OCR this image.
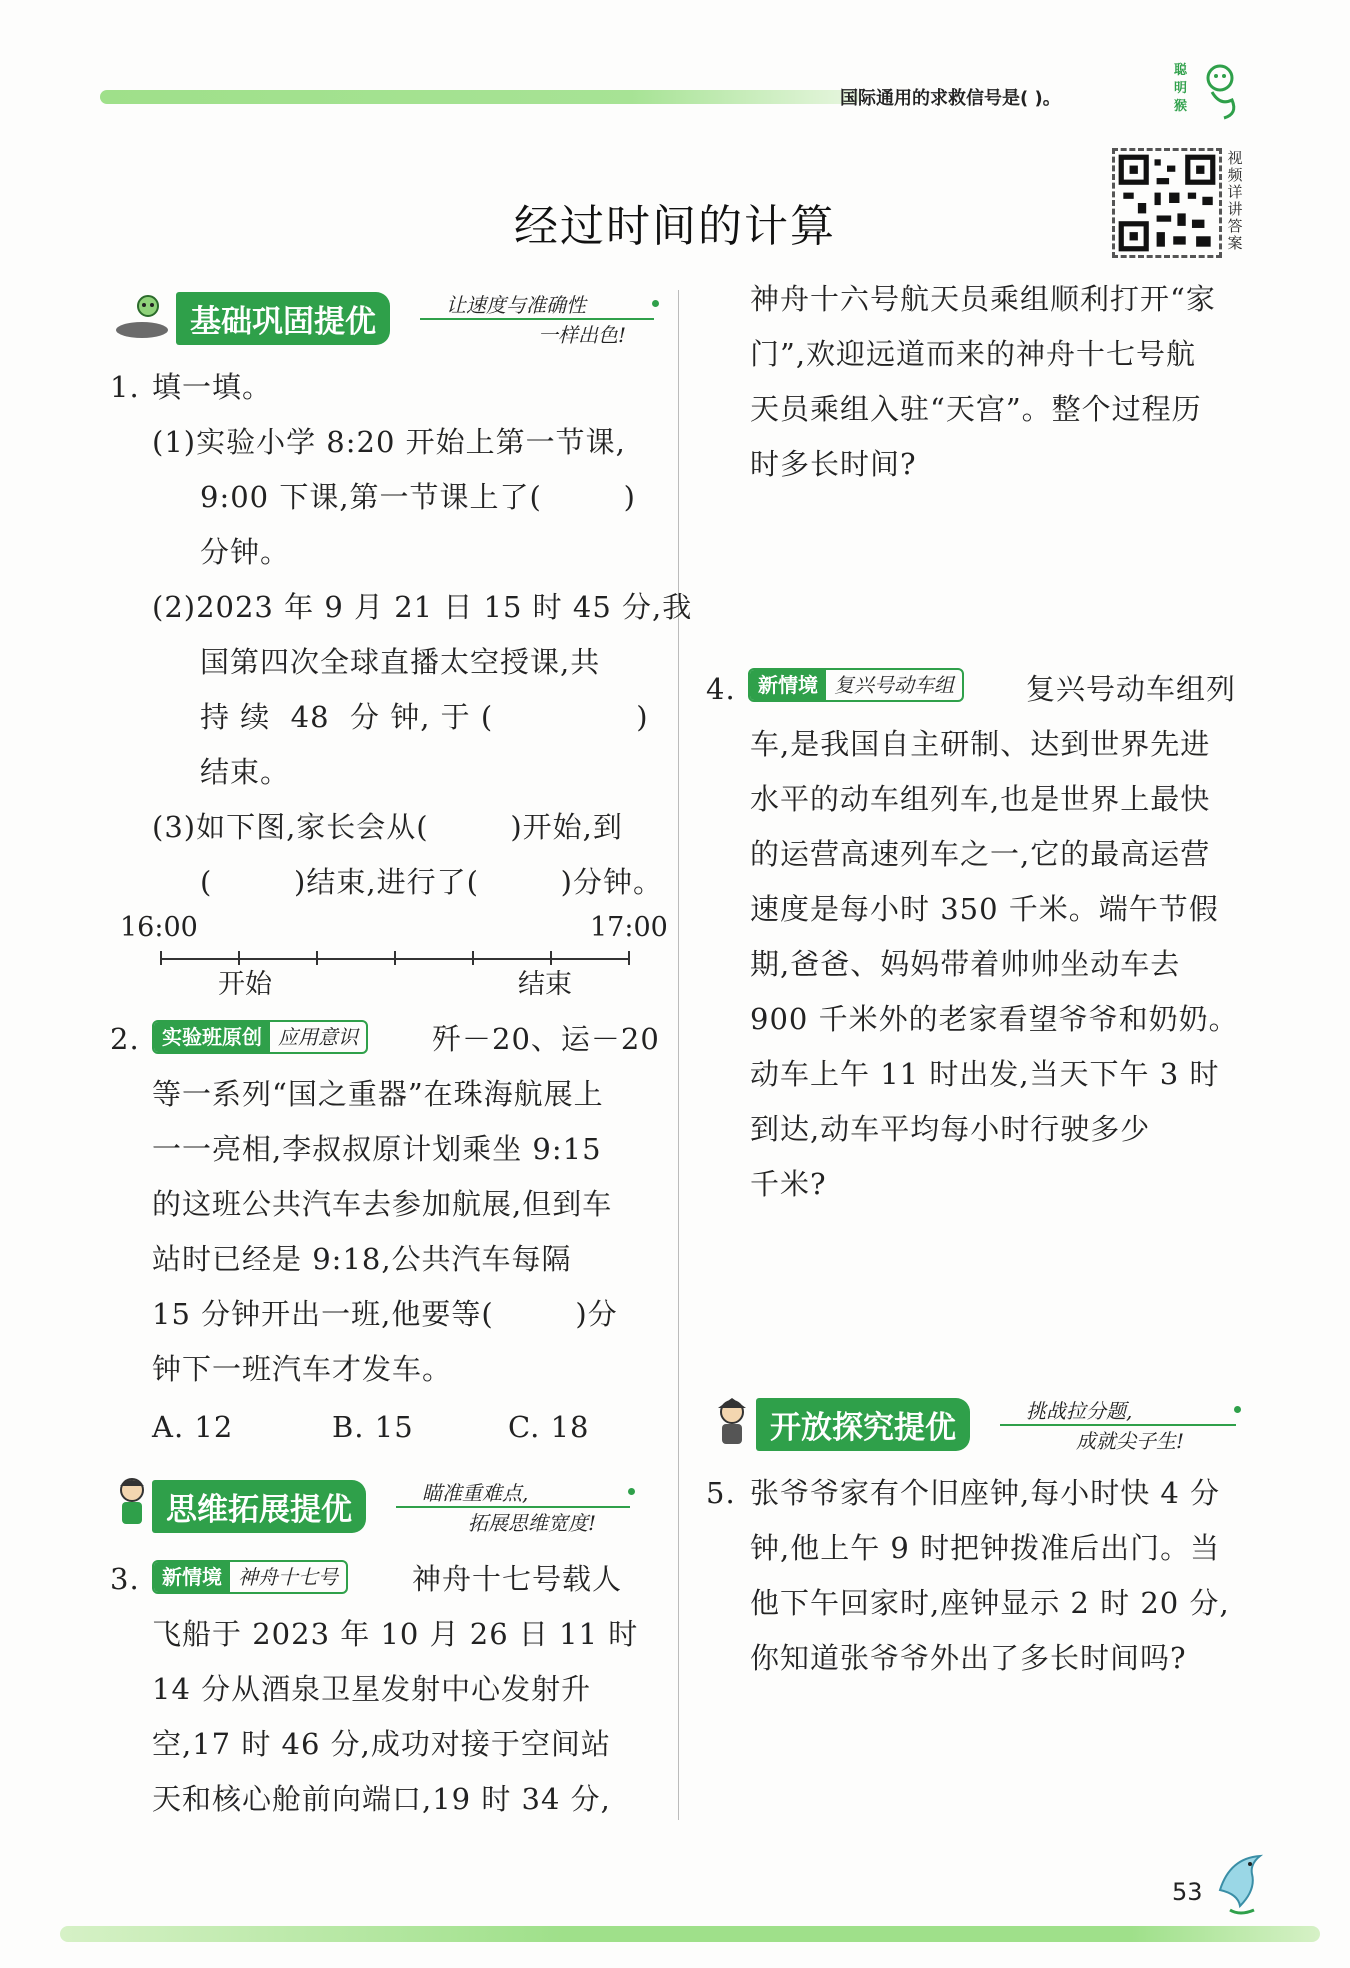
国际通用的求救信号是( )。
聪
明
猴
视频详讲答案
经过时间的计算
基础巩固提优	让速度与准确性
一样出色!
1. 填一填。
(1)实验小学 8:20 开始上第一节课,
9:00 下课,第一节课上了(        )
分钟。
(2)2023 年 9 月 21 日 15 时 45 分,我
国第四次全球直播太空授课,共
持 续  48  分 钟, 于 (              )
结束。
(3)如下图,家长会从(        )开始,到
(        )结束,进行了(        )分钟。
16:00	17:00
开始	结束
2.	实验班原创 应用意识	歼－20、运－20
等一系列“国之重器”在珠海航展上
一一亮相,李叔叔原计划乘坐 9:15
的这班公共汽车去参加航展,但到车
站时已经是 9:18,公共汽车每隔
15 分钟开出一班,他要等(        )分
钟下一班汽车才发车。
A. 12	B. 15	C. 18
思维拓展提优	瞄准重难点,
拓展思维宽度!
3.	新情境 神舟十七号	神舟十七号载人
飞船于 2023 年 10 月 26 日 11 时
14 分从酒泉卫星发射中心发射升
空,17 时 46 分,成功对接于空间站
天和核心舱前向端口,19 时 34 分,
神舟十六号航天员乘组顺利打开“家
门”,欢迎远道而来的神舟十七号航
天员乘组入驻“天宫”。整个过程历
时多长时间?
4.	新情境 复兴号动车组	复兴号动车组列
车,是我国自主研制、达到世界先进
水平的动车组列车,也是世界上最快
的运营高速列车之一,它的最高运营
速度是每小时 350 千米。端午节假
期,爸爸、妈妈带着帅帅坐动车去
900 千米外的老家看望爷爷和奶奶。
动车上午 11 时出发,当天下午 3 时
到达,动车平均每小时行驶多少
千米?
开放探究提优	挑战拉分题,
成就尖子生!
5. 张爷爷家有个旧座钟,每小时快 4 分
钟,他上午 9 时把钟拨准后出门。当
他下午回家时,座钟显示 2 时 20 分,
你知道张爷爷外出了多长时间吗?
53
